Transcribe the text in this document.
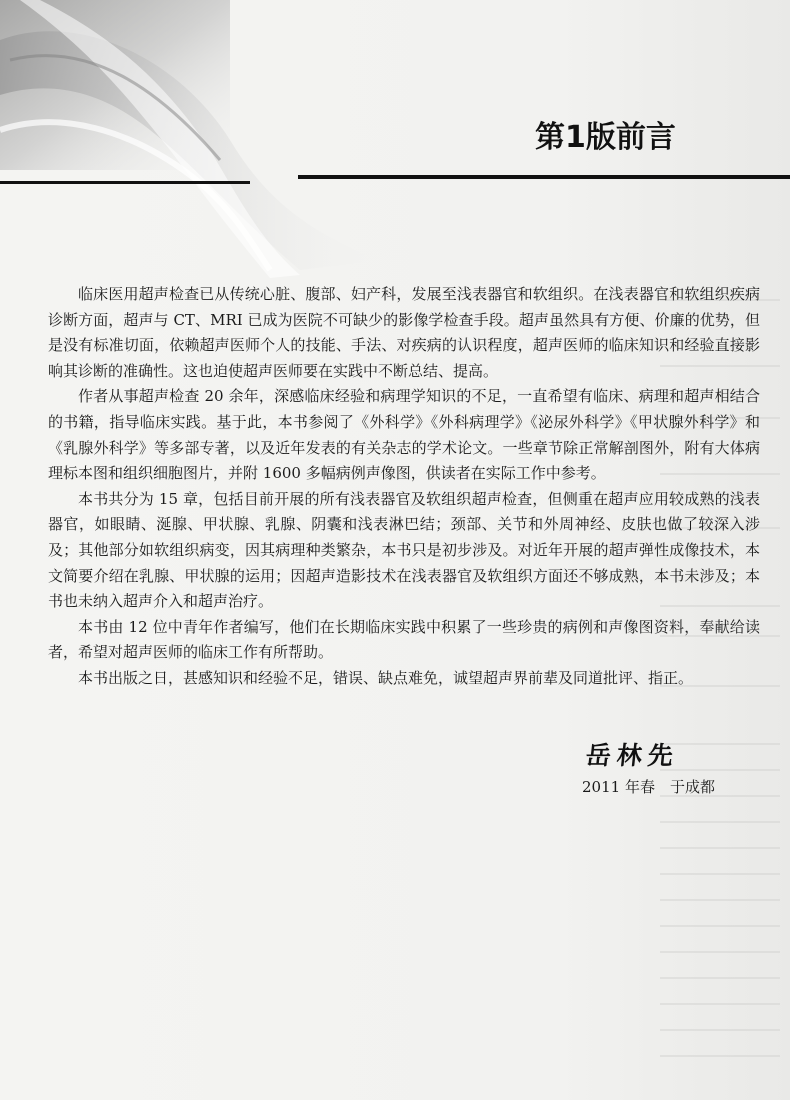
第1版前言

临床医用超声检查已从传统心脏、腹部、妇产科，发展至浅表器官和软组织。在浅表器官和软组织疾病诊断方面，超声与 CT、MRI 已成为医院不可缺少的影像学检查手段。超声虽然具有方便、价廉的优势，但是没有标准切面，依赖超声医师个人的技能、手法、对疾病的认识程度，超声医师的临床知识和经验直接影响其诊断的准确性。这也迫使超声医师要在实践中不断总结、提高。

作者从事超声检查 20 余年，深感临床经验和病理学知识的不足，一直希望有临床、病理和超声相结合的书籍，指导临床实践。基于此，本书参阅了《外科学》《外科病理学》《泌尿外科学》《甲状腺外科学》和《乳腺外科学》等多部专著，以及近年发表的有关杂志的学术论文。一些章节除正常解剖图外，附有大体病理标本图和组织细胞图片，并附 1600 多幅病例声像图，供读者在实际工作中参考。

本书共分为 15 章，包括目前开展的所有浅表器官及软组织超声检查，但侧重在超声应用较成熟的浅表器官，如眼睛、涎腺、甲状腺、乳腺、阴囊和浅表淋巴结；颈部、关节和外周神经、皮肤也做了较深入涉及；其他部分如软组织病变，因其病理种类繁杂，本书只是初步涉及。对近年开展的超声弹性成像技术，本文简要介绍在乳腺、甲状腺的运用；因超声造影技术在浅表器官及软组织方面还不够成熟，本书未涉及；本书也未纳入超声介入和超声治疗。

本书由 12 位中青年作者编写，他们在长期临床实践中积累了一些珍贵的病例和声像图资料，奉献给读者，希望对超声医师的临床工作有所帮助。

本书出版之日，甚感知识和经验不足，错误、缺点难免，诚望超声界前辈及同道批评、指正。

岳林先
2011 年春　于成都
